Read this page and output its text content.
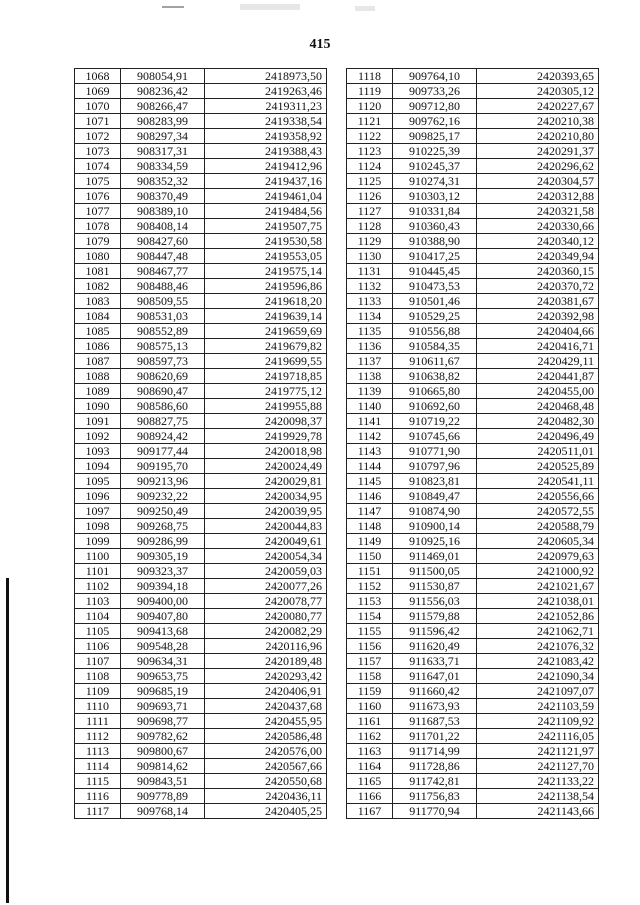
415
1068	908054,91	2418973,50
1069	908236,42	2419263,46
1070	908266,47	2419311,23
1071	908283,99	2419338,54
1072	908297,34	2419358,92
1073	908317,31	2419388,43
1074	908334,59	2419412,96
1075	908352,32	2419437,16
1076	908370,49	2419461,04
1077	908389,10	2419484,56
1078	908408,14	2419507,75
1079	908427,60	2419530,58
1080	908447,48	2419553,05
1081	908467,77	2419575,14
1082	908488,46	2419596,86
1083	908509,55	2419618,20
1084	908531,03	2419639,14
1085	908552,89	2419659,69
1086	908575,13	2419679,82
1087	908597,73	2419699,55
1088	908620,69	2419718,85
1089	908690,47	2419775,12
1090	908586,60	2419955,88
1091	908827,75	2420098,37
1092	908924,42	2419929,78
1093	909177,44	2420018,98
1094	909195,70	2420024,49
1095	909213,96	2420029,81
1096	909232,22	2420034,95
1097	909250,49	2420039,95
1098	909268,75	2420044,83
1099	909286,99	2420049,61
1100	909305,19	2420054,34
1101	909323,37	2420059,03
1102	909394,18	2420077,26
1103	909400,00	2420078,77
1104	909407,80	2420080,77
1105	909413,68	2420082,29
1106	909548,28	2420116,96
1107	909634,31	2420189,48
1108	909653,75	2420293,42
1109	909685,19	2420406,91
1110	909693,71	2420437,68
1111	909698,77	2420455,95
1112	909782,62	2420586,48
1113	909800,67	2420576,00
1114	909814,62	2420567,66
1115	909843,51	2420550,68
1116	909778,89	2420436,11
1117	909768,14	2420405,25
1118	909764,10	2420393,65
1119	909733,26	2420305,12
1120	909712,80	2420227,67
1121	909762,16	2420210,38
1122	909825,17	2420210,80
1123	910225,39	2420291,37
1124	910245,37	2420296,62
1125	910274,31	2420304,57
1126	910303,12	2420312,88
1127	910331,84	2420321,58
1128	910360,43	2420330,66
1129	910388,90	2420340,12
1130	910417,25	2420349,94
1131	910445,45	2420360,15
1132	910473,53	2420370,72
1133	910501,46	2420381,67
1134	910529,25	2420392,98
1135	910556,88	2420404,66
1136	910584,35	2420416,71
1137	910611,67	2420429,11
1138	910638,82	2420441,87
1139	910665,80	2420455,00
1140	910692,60	2420468,48
1141	910719,22	2420482,30
1142	910745,66	2420496,49
1143	910771,90	2420511,01
1144	910797,96	2420525,89
1145	910823,81	2420541,11
1146	910849,47	2420556,66
1147	910874,90	2420572,55
1148	910900,14	2420588,79
1149	910925,16	2420605,34
1150	911469,01	2420979,63
1151	911500,05	2421000,92
1152	911530,87	2421021,67
1153	911556,03	2421038,01
1154	911579,88	2421052,86
1155	911596,42	2421062,71
1156	911620,49	2421076,32
1157	911633,71	2421083,42
1158	911647,01	2421090,34
1159	911660,42	2421097,07
1160	911673,93	2421103,59
1161	911687,53	2421109,92
1162	911701,22	2421116,05
1163	911714,99	2421121,97
1164	911728,86	2421127,70
1165	911742,81	2421133,22
1166	911756,83	2421138,54
1167	911770,94	2421143,66
